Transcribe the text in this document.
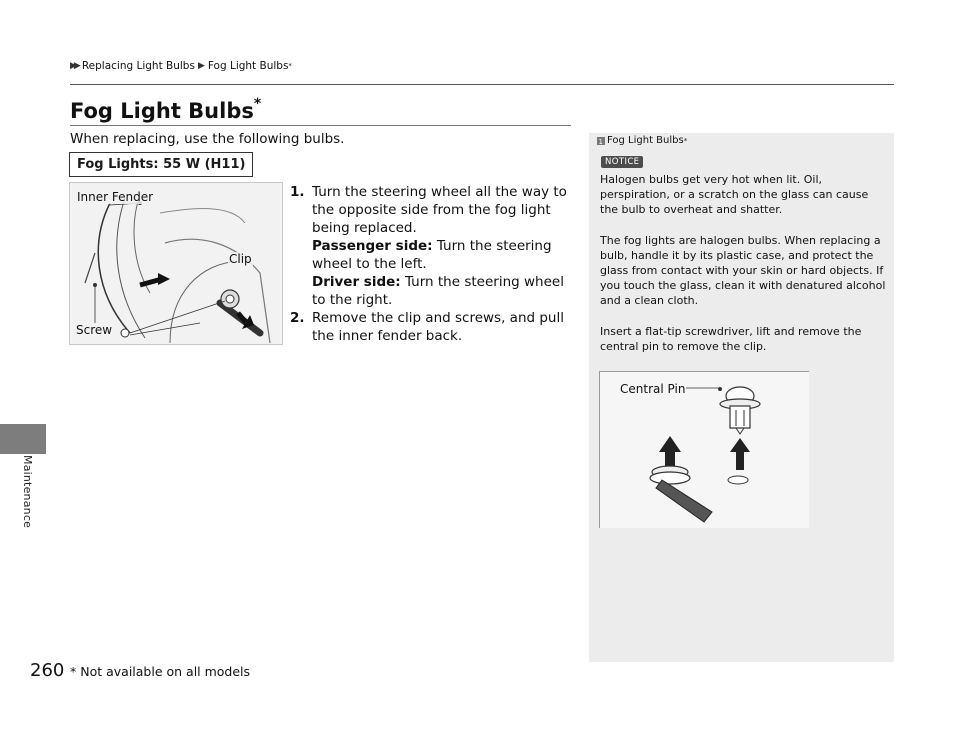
Maintenance
▶▶ Replacing Light Bulbs ▶ Fog Light Bulbs *
Fog Light Bulbs*
When replacing, use the following bulbs.
Fog Lights: 55 W (H11)
Inner Fender
Clip
Screw
1. Turn the steering wheel all the way to the opposite side from the fog light being replaced.

Passenger side: Turn the steering wheel to the left.

Driver side: Turn the steering wheel to the right.

2. Remove the clip and screws, and pull the inner fender back.

1 Fog Light Bulbs *
NOTICE

Halogen bulbs get very hot when lit. Oil, perspiration, or a scratch on the glass can cause the bulb to overheat and shatter.

The fog lights are halogen bulbs. When replacing a bulb, handle it by its plastic case, and protect the glass from contact with your skin or hard objects. If you touch the glass, clean it with denatured alcohol and a clean cloth.

Insert a flat-tip screwdriver, lift and remove the central pin to remove the clip.

Central Pin
260 * Not available on all models
